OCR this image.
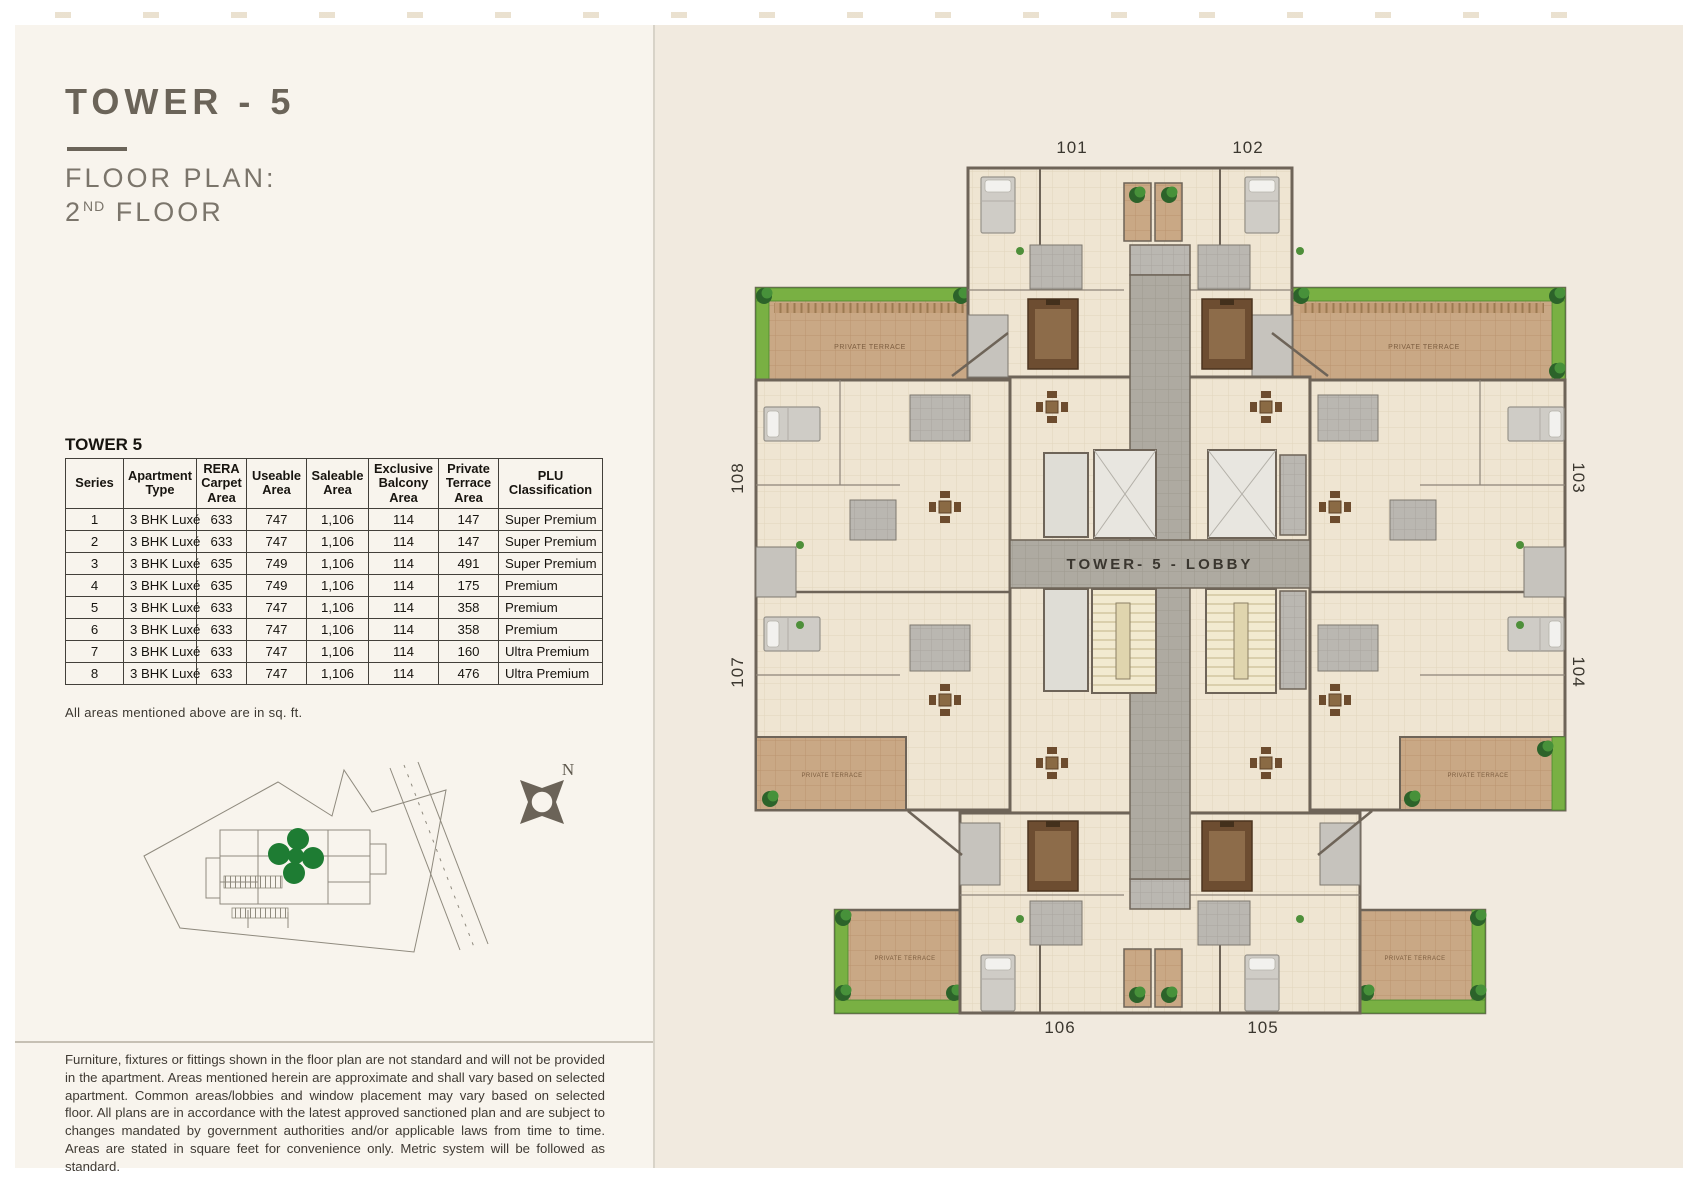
TOWER - 5
FLOOR PLAN:
2ND FLOOR
TOWER 5
Series	Apartment Type	RERA Carpet Area	Useable Area	Saleable Area	Exclusive Balcony Area	Private Terrace Area	PLU Classification
1	3 BHK Luxé	633	747	1,106	114	147	Super Premium
2	3 BHK Luxé	633	747	1,106	114	147	Super Premium
3	3 BHK Luxé	635	749	1,106	114	491	Super Premium
4	3 BHK Luxé	635	749	1,106	114	175	Premium
5	3 BHK Luxé	633	747	1,106	114	358	Premium
6	3 BHK Luxé	633	747	1,106	114	358	Premium
7	3 BHK Luxé	633	747	1,106	114	160	Ultra Premium
8	3 BHK Luxé	633	747	1,106	114	476	Ultra Premium
All areas mentioned above are in sq. ft.
N
Furniture, fixtures or fittings shown in the floor plan are not standard and will not be provided in the apartment. Areas mentioned herein are approximate and shall vary based on selected apartment. Common areas/lobbies and window placement may vary based on selected floor. All plans are in accordance with the latest approved sanctioned plan and are subject to changes mandated by government authorities and/or applicable laws from time to time. Areas are stated in square feet for convenience only. Metric system will be followed as standard.
PRIVATE TERRACE	PRIVATE TERRACE
PRIVATE TERRACE	PRIVATE TERRACE
PRIVATE TERRACE	PRIVATE TERRACE
TOWER- 5 - LOBBY
101	102
103
104
105
106
107
108
